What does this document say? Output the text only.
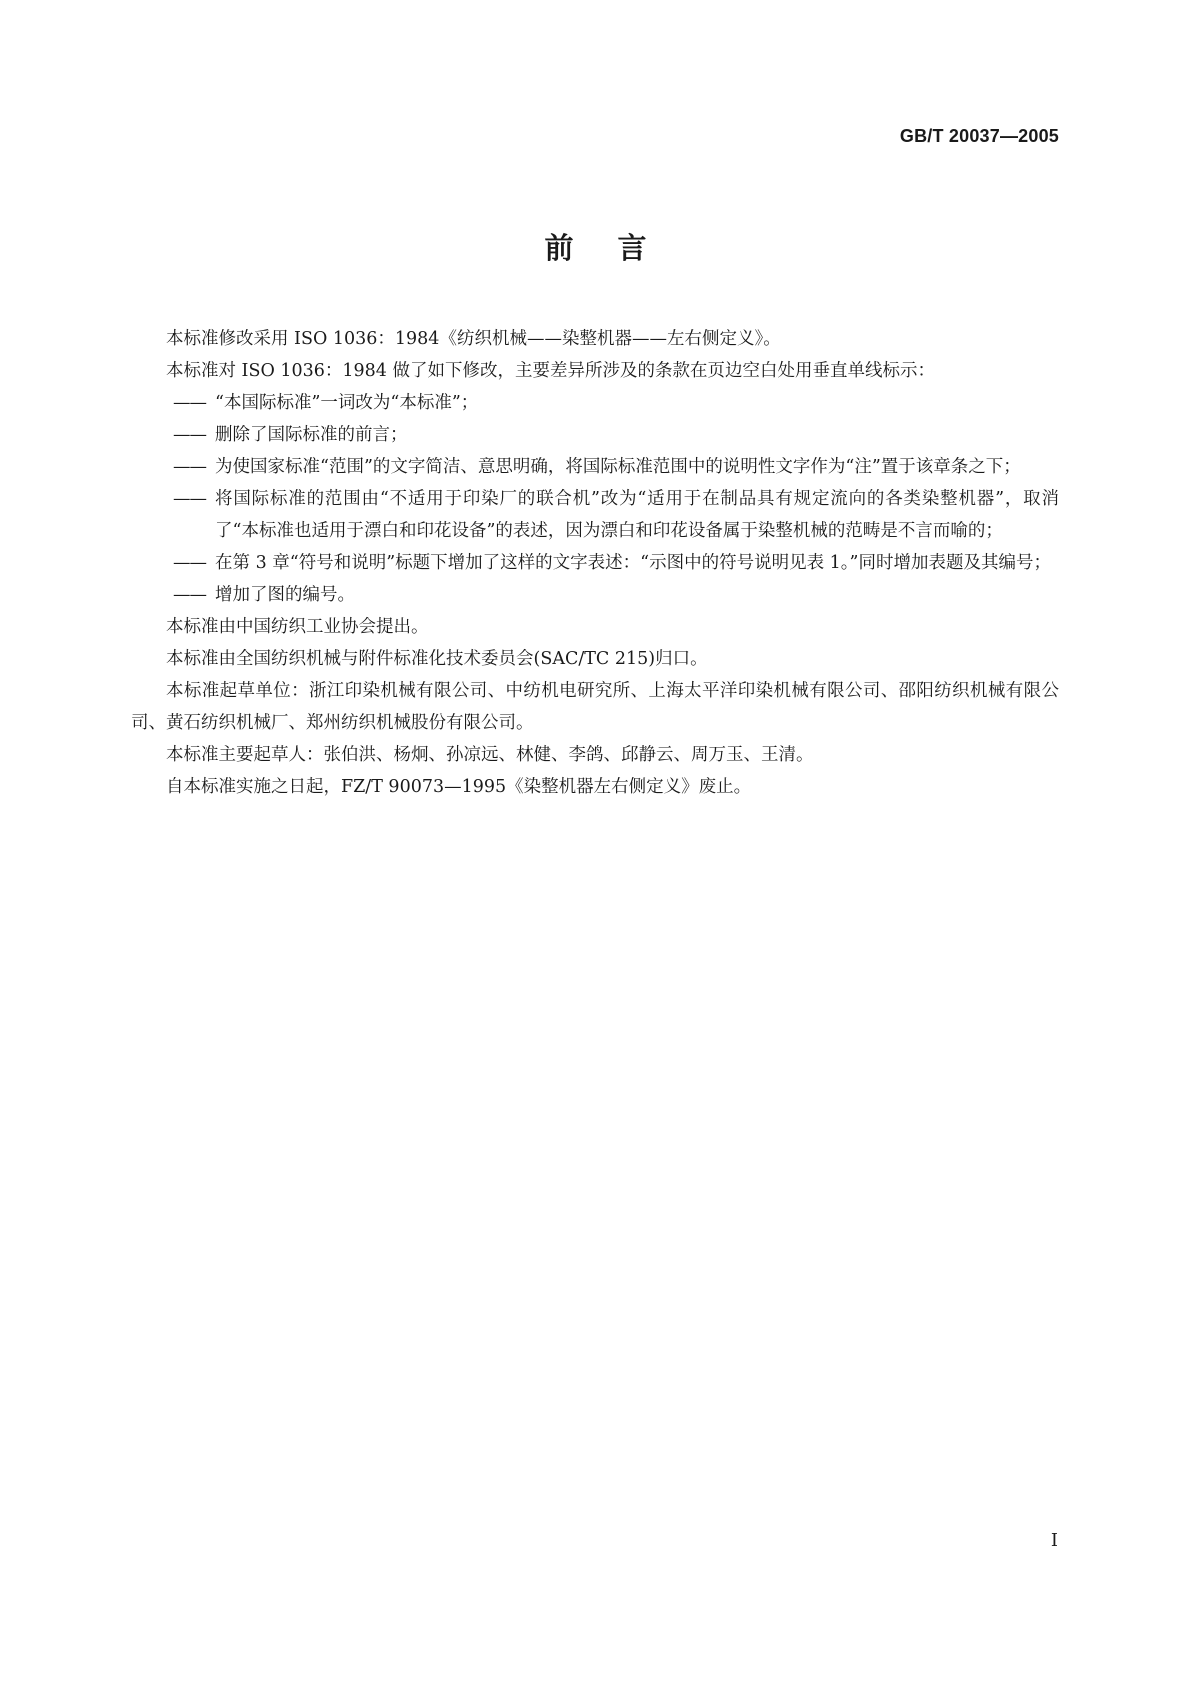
GB/T 20037—2005
前言

本标准修改采用 ISO 1036：1984《纺织机械——染整机器——左右侧定义》。

本标准对 ISO 1036：1984 做了如下修改，主要差异所涉及的条款在页边空白处用垂直单线标示：

—— “本国际标准”一词改为“本标准”；
—— 删除了国际标准的前言；
—— 为使国家标准“范围”的文字简洁、意思明确，将国际标准范围中的说明性文字作为“注”置于该章条之下；
—— 将国际标准的范围由“不适用于印染厂的联合机”改为“适用于在制品具有规定流向的各类染整机器”，取消了“本标准也适用于漂白和印花设备”的表述，因为漂白和印花设备属于染整机械的范畴是不言而喻的；
—— 在第 3 章“符号和说明”标题下增加了这样的文字表述：“示图中的符号说明见表 1。”同时增加表题及其编号；
—— 增加了图的编号。

本标准由中国纺织工业协会提出。

本标准由全国纺织机械与附件标准化技术委员会(SAC/TC 215)归口。

本标准起草单位：浙江印染机械有限公司、中纺机电研究所、上海太平洋印染机械有限公司、邵阳纺织机械有限公司、黄石纺织机械厂、郑州纺织机械股份有限公司。

本标准主要起草人：张伯洪、杨炯、孙凉远、林健、李鸽、邱静云、周万玉、王清。

自本标准实施之日起，FZ/T 90073—1995《染整机器左右侧定义》废止。

I
